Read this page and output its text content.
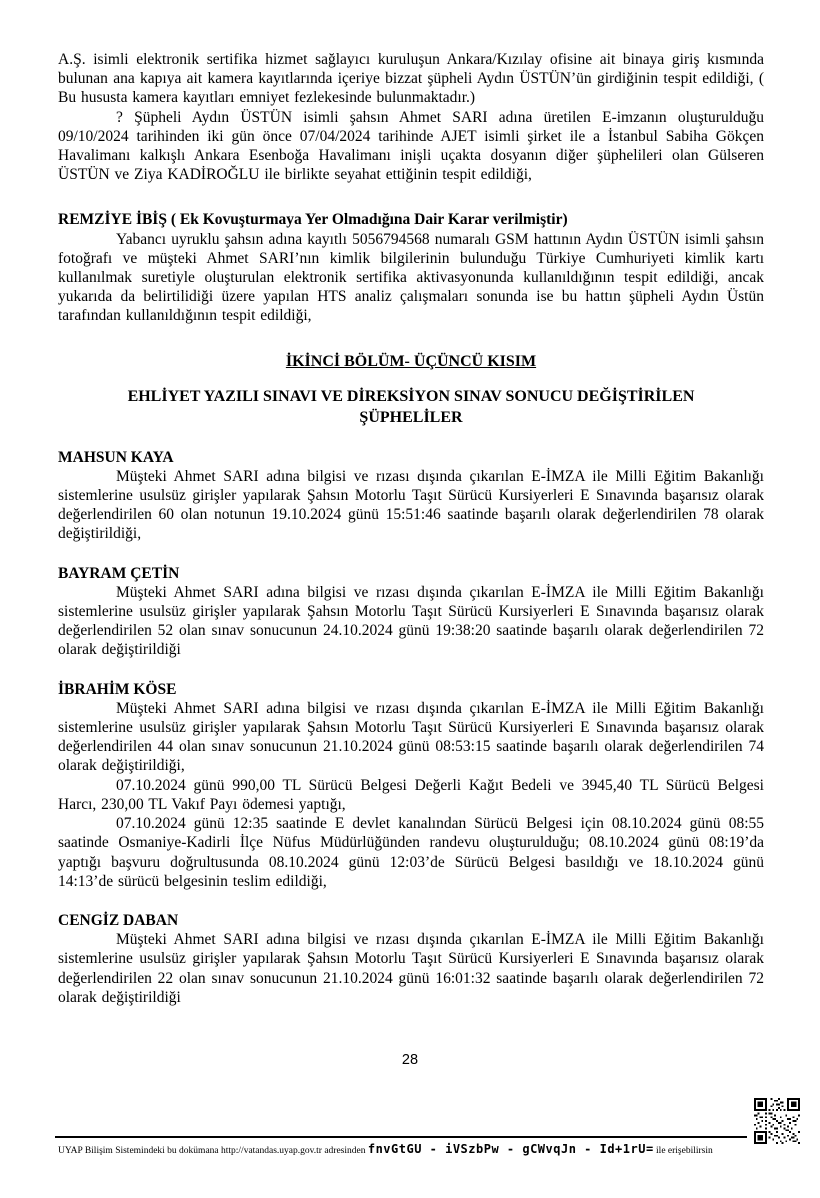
A.Ş. isimli elektronik sertifika hizmet sağlayıcı kuruluşun Ankara/Kızılay ofisine ait binaya giriş kısmında bulunan ana kapıya ait kamera kayıtlarında içeriye bizzat şüpheli Aydın ÜSTÜN’ün girdiğinin tespit edildiği, ( Bu hususta kamera kayıtları emniyet fezlekesinde bulunmaktadır.)

? Şüpheli Aydın ÜSTÜN isimli şahsın Ahmet SARI adına üretilen E-imzanın oluşturulduğu 09/10/2024 tarihinden iki gün önce 07/04/2024 tarihinde AJET isimli şirket ile a İstanbul Sabiha Gökçen Havalimanı kalkışlı Ankara Esenboğa Havalimanı inişli uçakta dosyanın diğer şüphelileri olan Gülseren ÜSTÜN ve Ziya KADİROĞLU ile birlikte seyahat ettiğinin tespit edildiği,

REMZİYE İBİŞ ( Ek Kovuşturmaya Yer Olmadığına Dair Karar verilmiştir)

Yabancı uyruklu şahsın adına kayıtlı 5056794568 numaralı GSM hattının Aydın ÜSTÜN isimli şahsın fotoğrafı ve müşteki Ahmet SARI’nın kimlik bilgilerinin bulunduğu Türkiye Cumhuriyeti kimlik kartı kullanılmak suretiyle oluşturulan elektronik sertifika aktivasyonunda kullanıldığının tespit edildiği, ancak yukarıda da belirtilidiği üzere yapılan HTS analiz çalışmaları sonunda ise bu hattın şüpheli Aydın Üstün tarafından kullanıldığının tespit edildiği,

İKİNCİ BÖLÜM- ÜÇÜNCÜ KISIM
EHLİYET YAZILI SINAVI VE DİREKSİYON SINAV SONUCU DEĞİŞTİRİLEN ŞÜPHELİLER
MAHSUN KAYA

Müşteki Ahmet SARI adına bilgisi ve rızası dışında çıkarılan E-İMZA ile Milli Eğitim Bakanlığı sistemlerine usulsüz girişler yapılarak Şahsın Motorlu Taşıt Sürücü Kursiyerleri E Sınavında başarısız olarak değerlendirilen 60 olan notunun 19.10.2024 günü 15:51:46 saatinde başarılı olarak değerlendirilen 78 olarak değiştirildiği,

BAYRAM ÇETİN

Müşteki Ahmet SARI adına bilgisi ve rızası dışında çıkarılan E-İMZA ile Milli Eğitim Bakanlığı sistemlerine usulsüz girişler yapılarak Şahsın Motorlu Taşıt Sürücü Kursiyerleri E Sınavında başarısız olarak değerlendirilen 52 olan sınav sonucunun 24.10.2024 günü 19:38:20 saatinde başarılı olarak değerlendirilen 72 olarak değiştirildiği

İBRAHİM KÖSE

Müşteki Ahmet SARI adına bilgisi ve rızası dışında çıkarılan E-İMZA ile Milli Eğitim Bakanlığı sistemlerine usulsüz girişler yapılarak Şahsın Motorlu Taşıt Sürücü Kursiyerleri E Sınavında başarısız olarak değerlendirilen 44 olan sınav sonucunun 21.10.2024 günü 08:53:15 saatinde başarılı olarak değerlendirilen 74 olarak değiştirildiği,

07.10.2024 günü 990,00 TL Sürücü Belgesi Değerli Kağıt Bedeli ve 3945,40 TL Sürücü Belgesi Harcı, 230,00 TL Vakıf Payı ödemesi yaptığı,

07.10.2024 günü 12:35 saatinde E devlet kanalından Sürücü Belgesi için 08.10.2024 günü 08:55 saatinde Osmaniye-Kadirli İlçe Nüfus Müdürlüğünden randevu oluşturulduğu; 08.10.2024 günü 08:19’da yaptığı başvuru doğrultusunda 08.10.2024 günü 12:03’de Sürücü Belgesi basıldığı ve 18.10.2024 günü 14:13’de sürücü belgesinin teslim edildiği,

CENGİZ DABAN

Müşteki Ahmet SARI adına bilgisi ve rızası dışında çıkarılan E-İMZA ile Milli Eğitim Bakanlığı sistemlerine usulsüz girişler yapılarak Şahsın Motorlu Taşıt Sürücü Kursiyerleri E Sınavında başarısız olarak değerlendirilen 22 olan sınav sonucunun 21.10.2024 günü 16:01:32 saatinde başarılı olarak değerlendirilen 72 olarak değiştirildiği

28
UYAP Bilişim Sistemindeki bu dokümana http://vatandas.uyap.gov.tr adresinden fnvGtGU - iVSzbPw - gCWvqJn - Id+1rU= ile erişebilirsin
